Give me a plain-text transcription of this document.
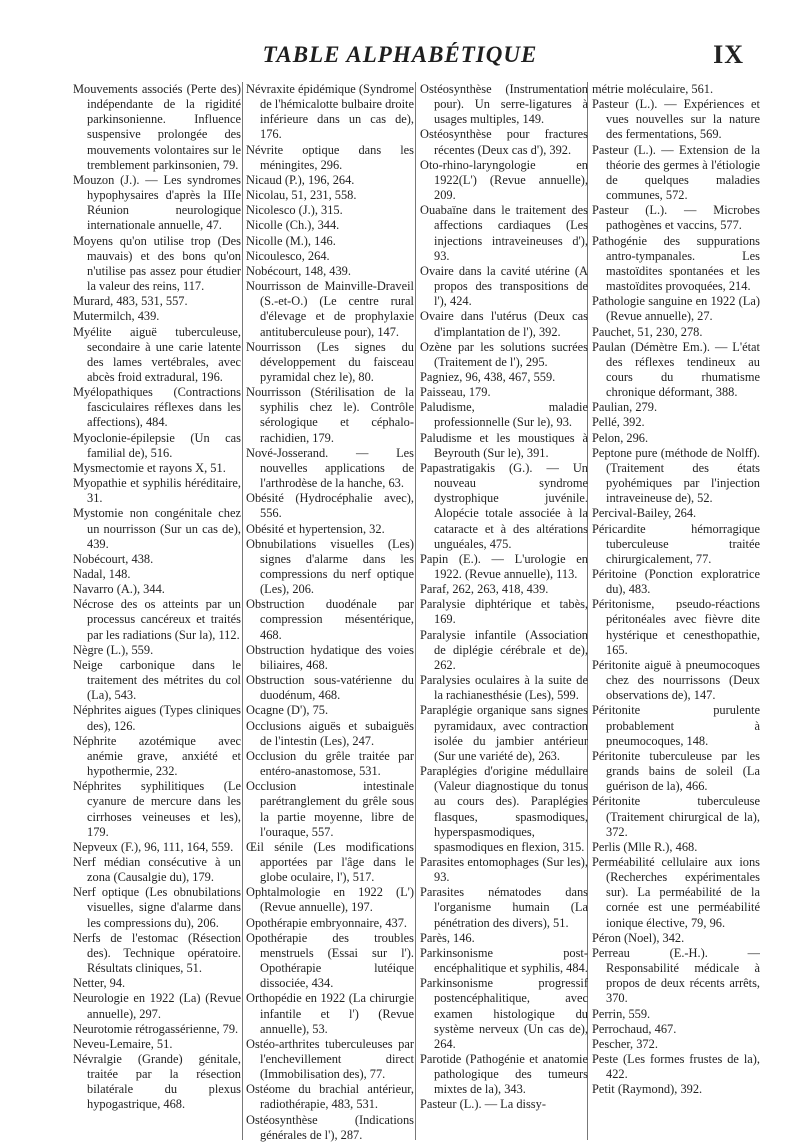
TABLE ALPHABÉTIQUE	IX

Mouvements associés (Perte des) indépendante de la rigidité parkinsonienne. Influence suspensive prolongée des mouvements volontaires sur le tremblement parkinsonien, 79.

Mouzon (J.). — Les syndromes hypophysaires d'après la IIIe Réunion neurologique internationale annuelle, 47.

Moyens qu'on utilise trop (Des mauvais) et des bons qu'on n'utilise pas assez pour étudier la valeur des reins, 117.

Murard, 483, 531, 557.

Mutermilch, 439.

Myélite aiguë tuberculeuse, secondaire à une carie latente des lames vertébrales, avec abcès froid extradural, 196.

Myélopathiques (Contractions fasciculaires réflexes dans les affections), 484.

Myoclonie-épilepsie (Un cas familial de), 516.

Mysmectomie et rayons X, 51.

Myopathie et syphilis héréditaire, 31.

Mystomie non congénitale chez un nourrisson (Sur un cas de), 439.

Nobécourt, 438.

Nadal, 148.

Navarro (A.), 344.

Nécrose des os atteints par un processus cancéreux et traités par les radiations (Sur la), 112.

Nègre (L.), 559.

Neige carbonique dans le traitement des métrites du col (La), 543.

Néphrites aigues (Types cliniques des), 126.

Néphrite azotémique avec anémie grave, anxiété et hypothermie, 232.

Néphrites syphilitiques (Le cyanure de mercure dans les cirrhoses veineuses et les), 179.

Nepveux (F.), 96, 111, 164, 559.

Nerf médian consécutive à un zona (Causalgie du), 179.

Nerf optique (Les obnubilations visuelles, signe d'alarme dans les compressions du), 206.

Nerfs de l'estomac (Résection des). Technique opératoire. Résultats cliniques, 51.

Netter, 94.

Neurologie en 1922 (La) (Revue annuelle), 297.

Neurotomie rétrogassérienne, 79.

Neveu-Lemaire, 51.

Névralgie (Grande) génitale, traitée par la résection bilatérale du plexus hypogastrique, 468.

Névraxite épidémique (Syndrome de l'hémicalotte bulbaire droite inférieure dans un cas de), 176.

Névrite optique dans les méningites, 296.

Nicaud (P.), 196, 264.

Nicolau, 51, 231, 558.

Nicolesco (J.), 315.

Nicolle (Ch.), 344.

Nicolle (M.), 146.

Nicoulesco, 264.

Nobécourt, 148, 439.

Nourrisson de Mainville-Draveil (S.-et-O.) (Le centre rural d'élevage et de prophylaxie antituberculeuse pour), 147.

Nourrisson (Les signes du développement du faisceau pyramidal chez le), 80.

Nourrisson (Stérilisation de la syphilis chez le). Contrôle sérologique et céphalo-rachidien, 179.

Nové-Josserand. — Les nouvelles applications de l'arthrodèse de la hanche, 63.

Obésité (Hydrocéphalie avec), 556.

Obésité et hypertension, 32.

Obnubilations visuelles (Les) signes d'alarme dans les compressions du nerf optique (Les), 206.

Obstruction duodénale par compression mésentérique, 468.

Obstruction hydatique des voies biliaires, 468.

Obstruction sous-vatérienne du duodénum, 468.

Ocagne (D'), 75.

Occlusions aiguës et subaiguës de l'intestin (Les), 247.

Occlusion du grêle traitée par entéro-anastomose, 531.

Occlusion intestinale parétranglement du grêle sous la partie moyenne, libre de l'ouraque, 557.

Œil sénile (Les modifications apportées par l'âge dans le globe oculaire, l'), 517.

Ophtalmologie en 1922 (L') (Revue annuelle), 197.

Opothérapie embryonnaire, 437.

Opothérapie des troubles menstruels (Essai sur l'). Opothérapie lutéique dissociée, 434.

Orthopédie en 1922 (La chirurgie infantile et l') (Revue annuelle), 53.

Ostéo-arthrites tuberculeuses par l'enchevillement direct (Immobilisation des), 77.

Ostéome du brachial antérieur, radiothérapie, 483, 531.

Ostéosynthèse (Indications générales de l'), 287.

Ostéosynthèse (Instrumentation pour). Un serre-ligatures à usages multiples, 149.

Ostéosynthèse pour fractures récentes (Deux cas d'), 392.

Oto-rhino-laryngologie en 1922(L') (Revue annuelle), 209.

Ouabaïne dans le traitement des affections cardiaques (Les injections intraveineuses d'), 93.

Ovaire dans la cavité utérine (A propos des transpositions de l'), 424.

Ovaire dans l'utérus (Deux cas d'implantation de l'), 392.

Ozène par les solutions sucrées (Traitement de l'), 295.

Pagniez, 96, 438, 467, 559.

Paisseau, 179.

Paludisme, maladie professionnelle (Sur le), 93.

Paludisme et les moustiques à Beyrouth (Sur le), 391.

Papastratigakis (G.). — Un nouveau syndrome dystrophique juvénile. Alopécie totale associée à la cataracte et à des altérations unguéales, 475.

Papin (E.). — L'urologie en 1922. (Revue annuelle), 113.

Paraf, 262, 263, 418, 439.

Paralysie diphtérique et tabès, 169.

Paralysie infantile (Association de diplégie cérébrale et de), 262.

Paralysies oculaires à la suite de la rachianesthésie (Les), 599.

Paraplégie organique sans signes pyramidaux, avec contraction isolée du jambier antérieur (Sur une variété de), 263.

Paraplégies d'origine médullaire (Valeur diagnostique du tonus au cours des). Paraplégies flasques, spasmodiques, hyperspasmodiques, spasmodiques en flexion, 315.

Parasites entomophages (Sur les), 93.

Parasites nématodes dans l'organisme humain (La pénétration des divers), 51.

Parès, 146.

Parkinsonisme post-encéphalitique et syphilis, 484.

Parkinsonisme progressif postencéphalitique, avec examen histologique du système nerveux (Un cas de), 264.

Parotide (Pathogénie et anatomie pathologique des tumeurs mixtes de la), 343.

Pasteur (L.). — La dissy-

métrie moléculaire, 561.

Pasteur (L.). — Expériences et vues nouvelles sur la nature des fermentations, 569.

Pasteur (L.). — Extension de la théorie des germes à l'étiologie de quelques maladies communes, 572.

Pasteur (L.). — Microbes pathogènes et vaccins, 577.

Pathogénie des suppurations antro-tympanales. Les mastoïdites spontanées et les mastoïdites provoquées, 214.

Pathologie sanguine en 1922 (La) (Revue annuelle), 27.

Pauchet, 51, 230, 278.

Paulan (Démètre Em.). — L'état des réflexes tendineux au cours du rhumatisme chronique déformant, 388.

Paulian, 279.

Pellé, 392.

Pelon, 296.

Peptone pure (méthode de Nolff). (Traitement des états pyohémiques par l'injection intraveineuse de), 52.

Percival-Bailey, 264.

Péricardite hémorragique tuberculeuse traitée chirurgicalement, 77.

Péritoine (Ponction exploratrice du), 483.

Péritonisme, pseudo-réactions péritonéales avec fièvre dite hystérique et cenesthopathie, 165.

Péritonite aiguë à pneumocoques chez des nourrissons (Deux observations de), 147.

Péritonite purulente probablement à pneumocoques, 148.

Péritonite tuberculeuse par les grands bains de soleil (La guérison de la), 466.

Péritonite tuberculeuse (Traitement chirurgical de la), 372.

Perlis (Mlle R.), 468.

Perméabilité cellulaire aux ions (Recherches expérimentales sur). La perméabilité de la cornée est une perméabilité ionique élective, 79, 96.

Péron (Noel), 342.

Perreau (E.-H.). — Responsabilité médicale à propos de deux récents arrêts, 370.

Perrin, 559.

Perrochaud, 467.

Pescher, 372.

Peste (Les formes frustes de la), 422.

Petit (Raymond), 392.
